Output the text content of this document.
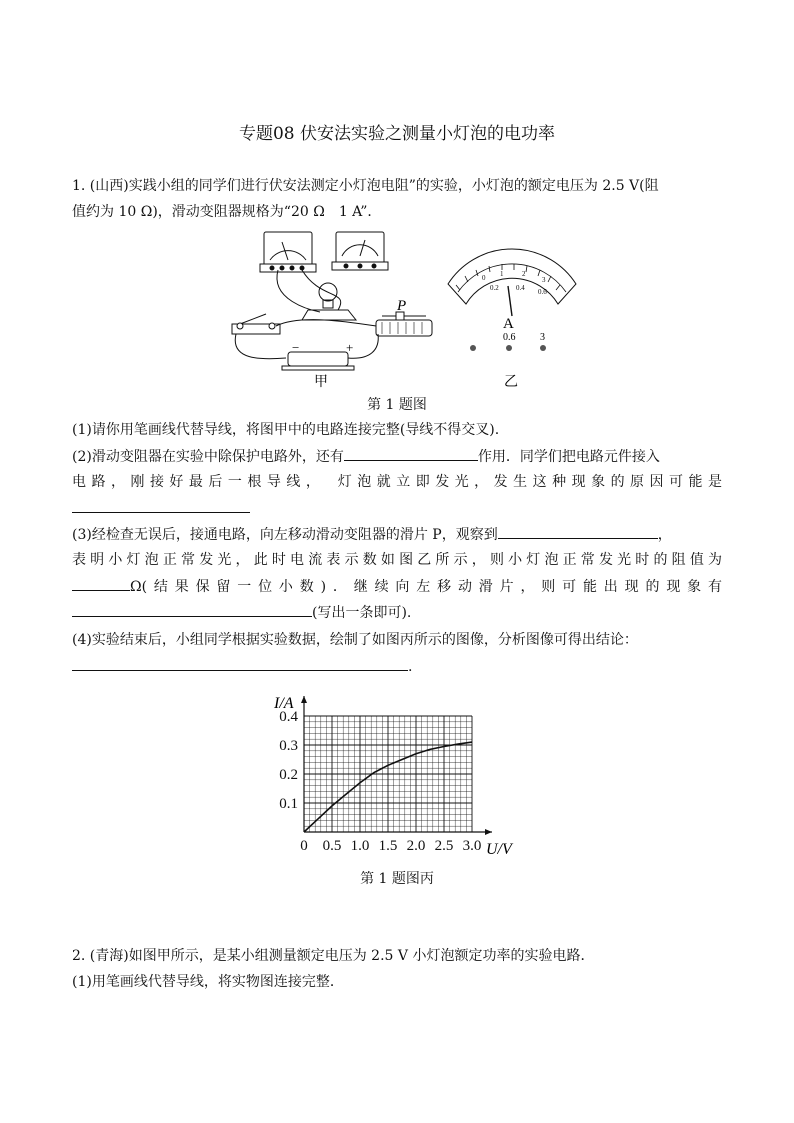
专题08 伏安法实验之测量小灯泡的电功率
1. (山西)实践小组的同学们进行伏安法测定小灯泡电阻”的实验，小灯泡的额定电压为 2.5 V(阻
值约为 10 Ω)，滑动变阻器规格为“20 Ω　1 A”．
P
−	+
甲
0 1	2
3
0.2 0.4 0.6
A
0.6 3
乙
第 1 题图
(1)请你用笔画线代替导线，将图甲中的电路连接完整(导线不得交叉).
(2)滑动变阻器在实验中除保护电路外，还有	作用．同学们把电路元件接入
电路，刚接好最后一根导线，　灯泡就立即发光，发生这种现象的原因可能是
(3)经检查无误后，接通电路，向左移动滑动变阻器的滑片 P，观察到	，
表明小灯泡正常发光，此时电流表示数如图乙所示，则小灯泡正常发光时的阻值为
Ω(结果保留一位小数)．继续向左移动滑片，则可能出现的现象有
(写出一条即可).
(4)实验结束后，小组同学根据实验数据，绘制了如图丙所示的图像，分析图像可得出结论：
.
0 0.5 1.0 1.5 2.0 2.5 3.0
0.1
0.2
0.3
0.4
I/A
U/V
第 1 题图丙
2. (青海)如图甲所示，是某小组测量额定电压为 2.5 V 小灯泡额定功率的实验电路．
(1)用笔画线代替导线，将实物图连接完整．
